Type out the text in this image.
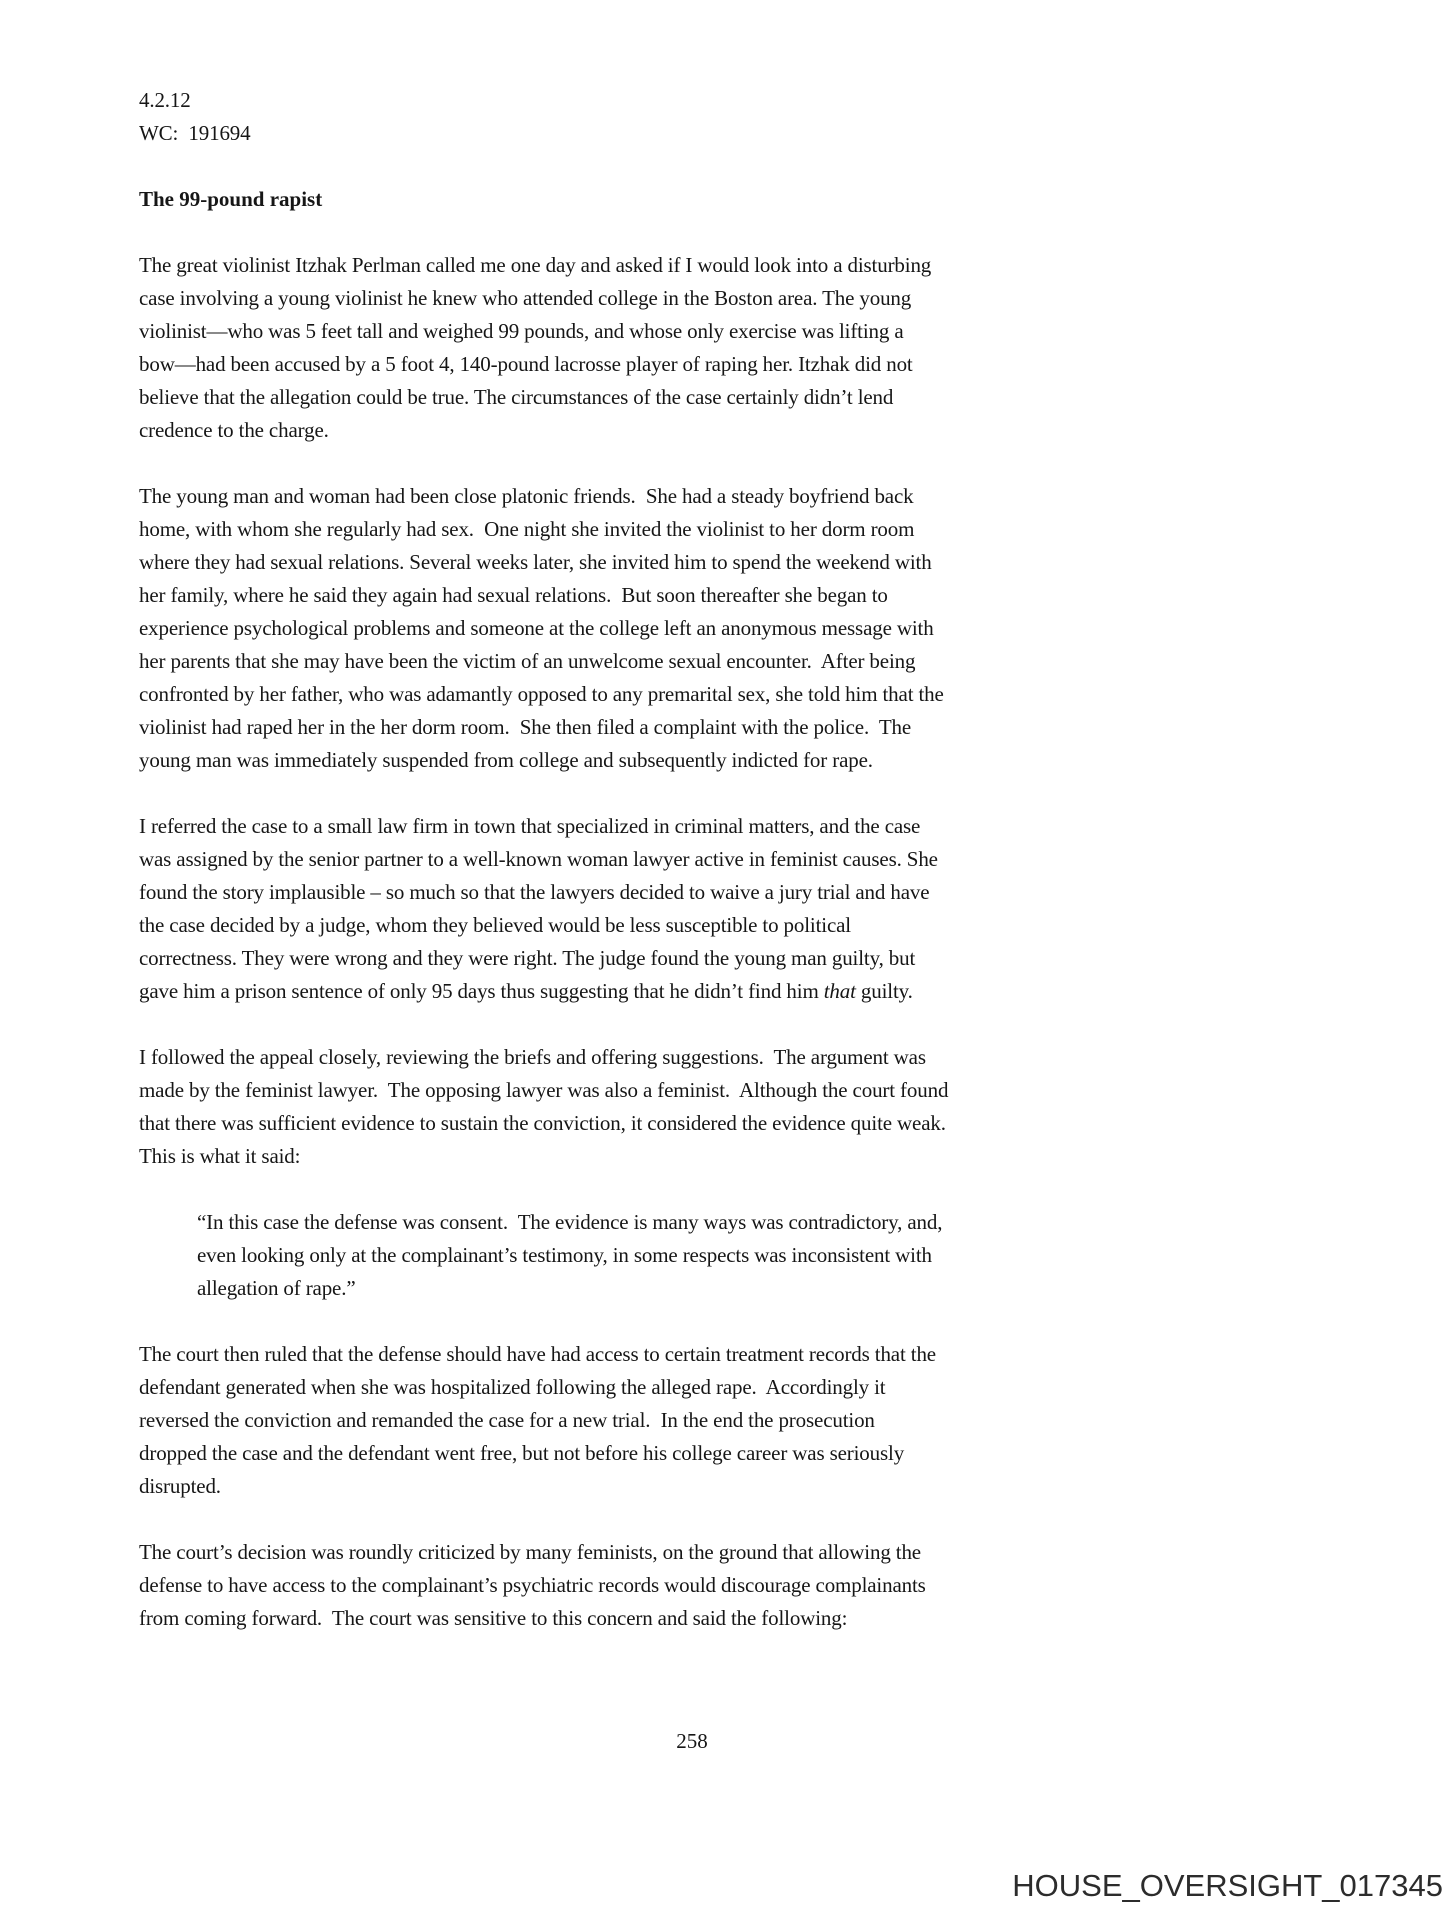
4.2.12
WC:  191694
The 99-pound rapist
The great violinist Itzhak Perlman called me one day and asked if I would look into a disturbing
case involving a young violinist he knew who attended college in the Boston area. The young
violinist—who was 5 feet tall and weighed 99 pounds, and whose only exercise was lifting a
bow—had been accused by a 5 foot 4, 140-pound lacrosse player of raping her. Itzhak did not
believe that the allegation could be true. The circumstances of the case certainly didn’t lend
credence to the charge.
The young man and woman had been close platonic friends.  She had a steady boyfriend back
home, with whom she regularly had sex.  One night she invited the violinist to her dorm room
where they had sexual relations. Several weeks later, she invited him to spend the weekend with
her family, where he said they again had sexual relations.  But soon thereafter she began to
experience psychological problems and someone at the college left an anonymous message with
her parents that she may have been the victim of an unwelcome sexual encounter.  After being
confronted by her father, who was adamantly opposed to any premarital sex, she told him that the
violinist had raped her in the her dorm room.  She then filed a complaint with the police.  The
young man was immediately suspended from college and subsequently indicted for rape.
I referred the case to a small law firm in town that specialized in criminal matters, and the case
was assigned by the senior partner to a well-known woman lawyer active in feminist causes. She
found the story implausible – so much so that the lawyers decided to waive a jury trial and have
the case decided by a judge, whom they believed would be less susceptible to political
correctness. They were wrong and they were right. The judge found the young man guilty, but
gave him a prison sentence of only 95 days thus suggesting that he didn’t find him that guilty.
I followed the appeal closely, reviewing the briefs and offering suggestions.  The argument was
made by the feminist lawyer.  The opposing lawyer was also a feminist.  Although the court found
that there was sufficient evidence to sustain the conviction, it considered the evidence quite weak.
This is what it said:
“In this case the defense was consent.  The evidence is many ways was contradictory, and,
even looking only at the complainant’s testimony, in some respects was inconsistent with
allegation of rape.”
The court then ruled that the defense should have had access to certain treatment records that the
defendant generated when she was hospitalized following the alleged rape.  Accordingly it
reversed the conviction and remanded the case for a new trial.  In the end the prosecution
dropped the case and the defendant went free, but not before his college career was seriously
disrupted.
The court’s decision was roundly criticized by many feminists, on the ground that allowing the
defense to have access to the complainant’s psychiatric records would discourage complainants
from coming forward.  The court was sensitive to this concern and said the following:
258
HOUSE_OVERSIGHT_017345
